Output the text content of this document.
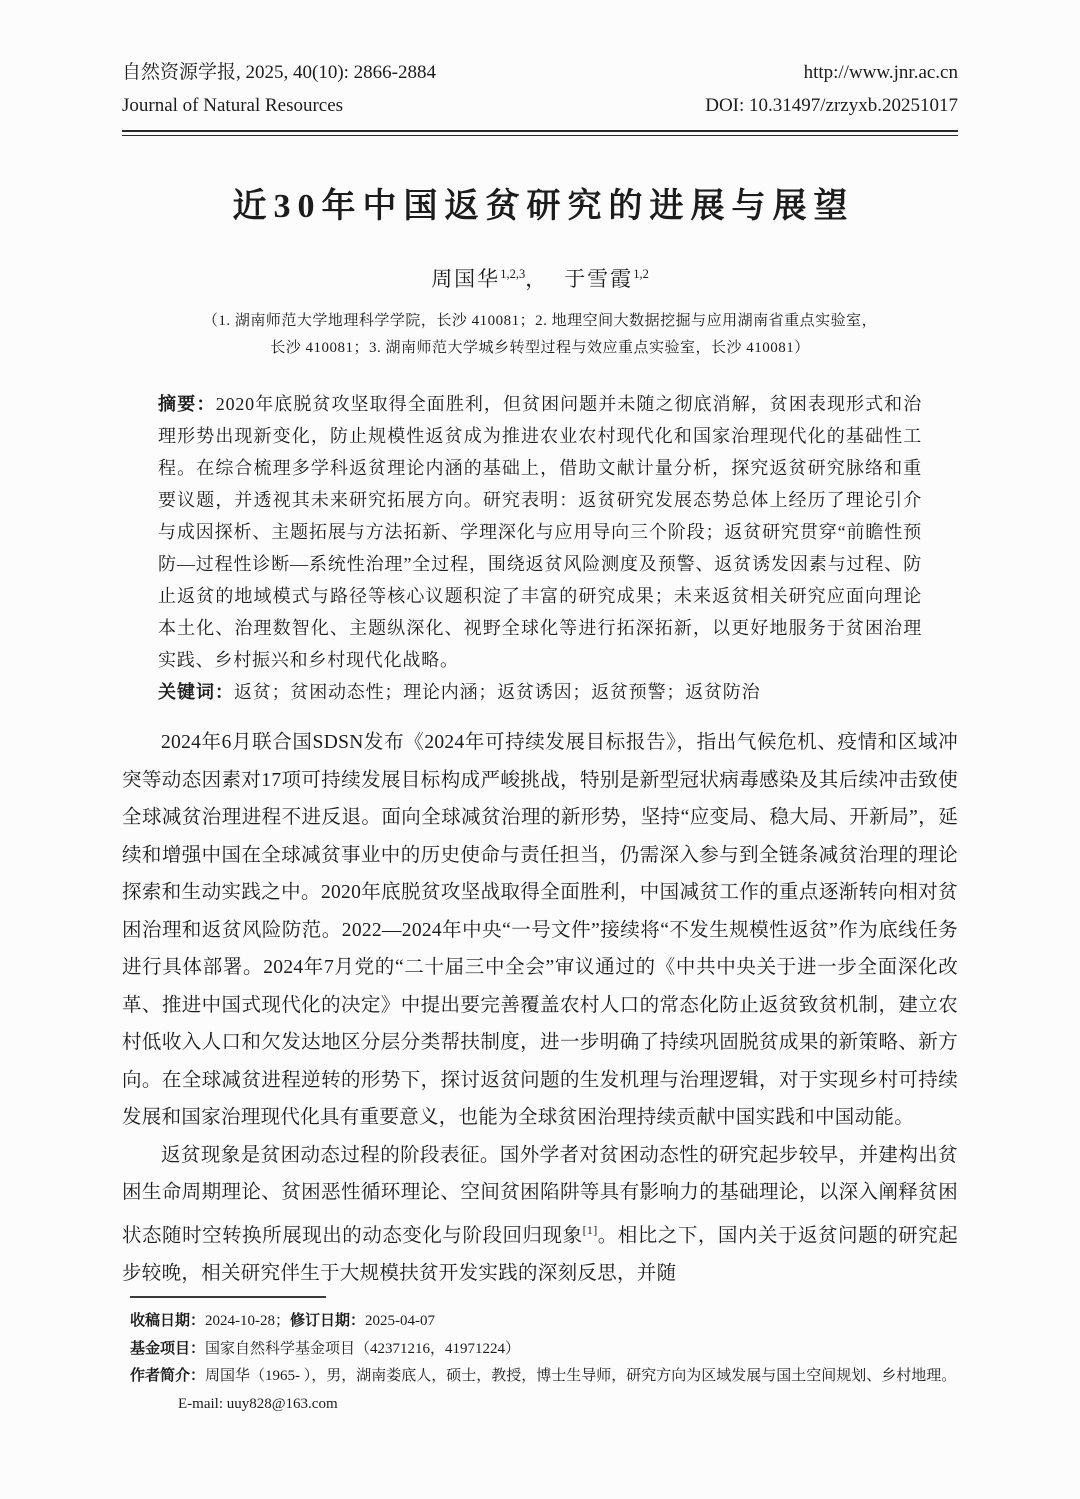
自然资源学报, 2025, 40(10): 2866-2884
Journal of Natural Resources
http://www.jnr.ac.cn
DOI: 10.31497/zrzyxb.20251017
近30年中国返贫研究的进展与展望
周国华$^{1,2,3}$， 于雪霞$^{1,2}$
（1. 湖南师范大学地理科学学院，长沙 410081；2. 地理空间大数据挖掘与应用湖南省重点实验室，
长沙 410081；3. 湖南师范大学城乡转型过程与效应重点实验室，长沙 410081）

摘要：2020年底脱贫攻坚取得全面胜利，但贫困问题并未随之彻底消解，贫困表现形式和治理形势出现新变化，防止规模性返贫成为推进农业农村现代化和国家治理现代化的基础性工程。在综合梳理多学科返贫理论内涵的基础上，借助文献计量分析，探究返贫研究脉络和重要议题，并透视其未来研究拓展方向。研究表明：返贫研究发展态势总体上经历了理论引介与成因探析、主题拓展与方法拓新、学理深化与应用导向三个阶段；返贫研究贯穿“前瞻性预防—过程性诊断—系统性治理”全过程，围绕返贫风险测度及预警、返贫诱发因素与过程、防止返贫的地域模式与路径等核心议题积淀了丰富的研究成果；未来返贫相关研究应面向理论本土化、治理数智化、主题纵深化、视野全球化等进行拓深拓新，以更好地服务于贫困治理实践、乡村振兴和乡村现代化战略。

关键词：返贫；贫困动态性；理论内涵；返贫诱因；返贫预警；返贫防治

2024年6月联合国SDSN发布《2024年可持续发展目标报告》，指出气候危机、疫情和区域冲突等动态因素对17项可持续发展目标构成严峻挑战，特别是新型冠状病毒感染及其后续冲击致使全球减贫治理进程不进反退。面向全球减贫治理的新形势，坚持“应变局、稳大局、开新局”，延续和增强中国在全球减贫事业中的历史使命与责任担当，仍需深入参与到全链条减贫治理的理论探索和生动实践之中。2020年底脱贫攻坚战取得全面胜利，中国减贫工作的重点逐渐转向相对贫困治理和返贫风险防范。2022—2024年中央“一号文件”接续将“不发生规模性返贫”作为底线任务进行具体部署。2024年7月党的“二十届三中全会”审议通过的《中共中央关于进一步全面深化改革、推进中国式现代化的决定》中提出要完善覆盖农村人口的常态化防止返贫致贫机制，建立农村低收入人口和欠发达地区分层分类帮扶制度，进一步明确了持续巩固脱贫成果的新策略、新方向。在全球减贫进程逆转的形势下，探讨返贫问题的生发机理与治理逻辑，对于实现乡村可持续发展和国家治理现代化具有重要意义，也能为全球贫困治理持续贡献中国实践和中国动能。

返贫现象是贫困动态过程的阶段表征。国外学者对贫困动态性的研究起步较早，并建构出贫困生命周期理论、贫困恶性循环理论、空间贫困陷阱等具有影响力的基础理论，以深入阐释贫困状态随时空转换所展现出的动态变化与阶段回归现象[1]。相比之下，国内关于返贫问题的研究起步较晚，相关研究伴生于大规模扶贫开发实践的深刻反思，并随

收稿日期：2024-10-28；修订日期：2025-04-07

基金项目：国家自然科学基金项目（42371216，41971224）

作者简介：周国华（1965- ），男，湖南娄底人，硕士，教授，博士生导师，研究方向为区域发展与国土空间规划、乡村地理。E-mail: uuy828@163.com
